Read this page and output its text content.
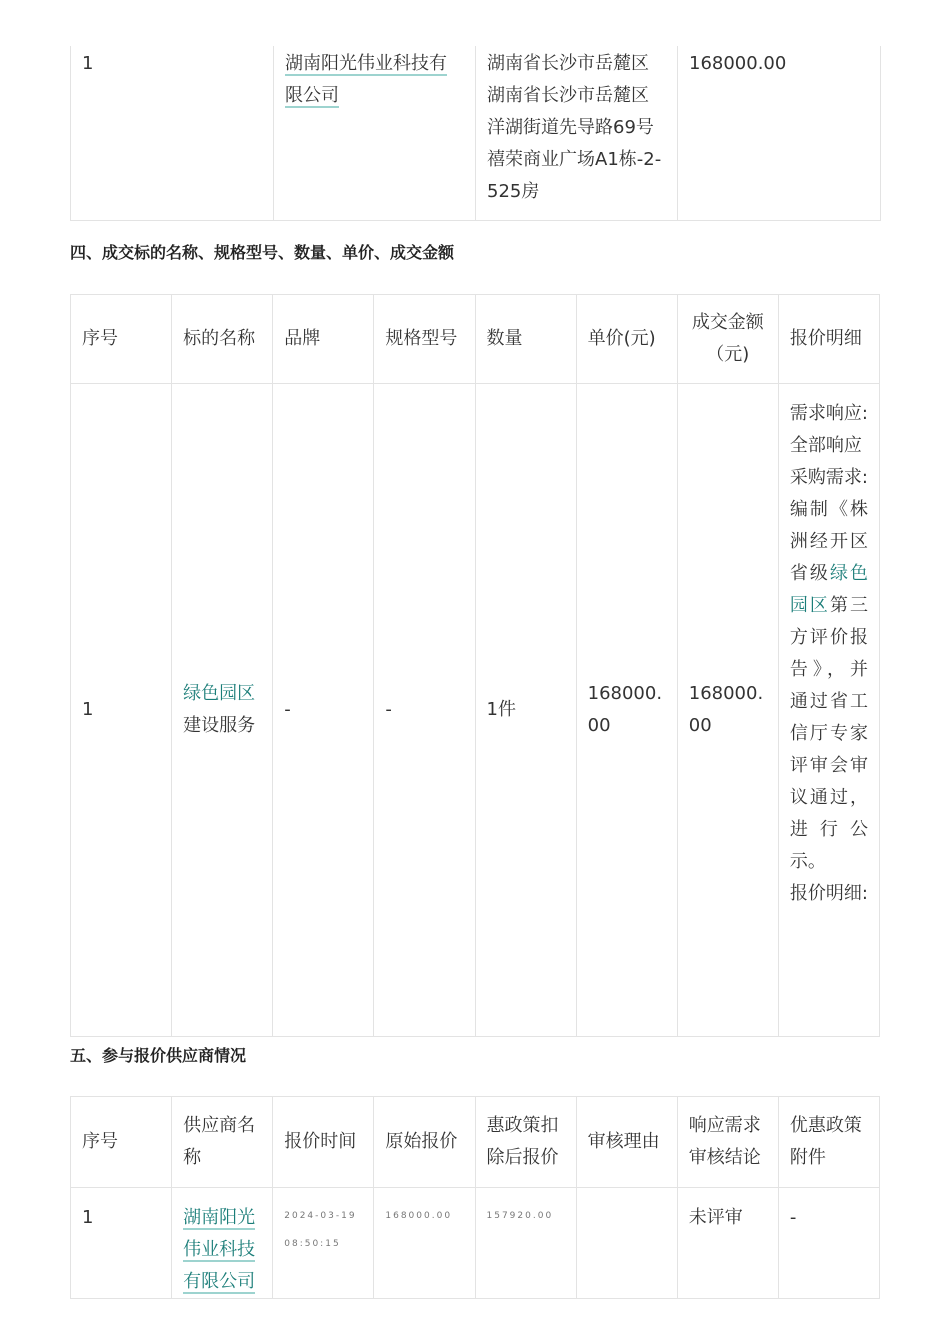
1	湖南阳光伟业科技有限公司	湖南省长沙市岳麓区湖南省长沙市岳麓区洋湖街道先导路69号禧荣商业广场A1栋-2-525房	168000.00
四、成交标的名称、规格型号、数量、单价、成交金额
序号	标的名称	品牌	规格型号	数量	单价(元)	成交金额（元)	报价明细
1	绿色园区
建设服务	-	-	1件	168000.00	168000.00	需求响应:全部响应
采购需求:编制《株洲经开区省级绿色园区第三方评价报告》，并通过省工信厅专家评审会审议通过，进行公示。
报价明细:
五、参与报价供应商情况
序号	供应商名称	报价时间	原始报价	惠政策扣除后报价	审核理由	响应需求审核结论	优惠政策附件
1	湖南阳光伟业科技有限公司	2024-03-19 08:50:15	168000.00	157920.00		未评审	-
